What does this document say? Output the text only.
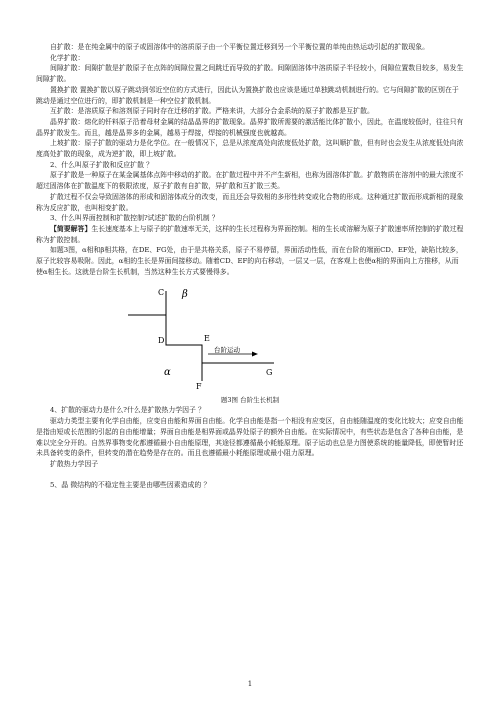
自扩散：是在纯金属中的原子或固溶体中的溶质原子由一个平衡位置迁移到另一个平衡位置的单纯由热运动引起的扩散现象。

化学扩散：

间隙扩散：间隙扩散是扩散原子在点阵的间隙位置之间跳迁而导致的扩散。间隙固溶体中溶质原子半径较小，间隙位置数目较多，易发生间隙扩散。

置换扩散 置换扩散以原子跳动到邻近空位的方式进行，因此认为置换扩散也应该是通过单独跳动机制进行的。它与间隙扩散的区别在于跳动是通过空位进行的，即扩散机制是一种空位扩散机制。

互扩散：是溶质原子和溶剂原子同时存在迁移的扩散。严格来讲，大部分合金系统的原子扩散都是互扩散。

晶界扩散：熔化的钎料原子沿着母材金属的结晶晶界的扩散现象。晶界扩散所需要的激活能比体扩散小，因此，在温度较低时，往往只有晶界扩散发生。而且，越是晶界多的金属，越易于焊接，焊接的机械强度也就越高。

上坡扩散：原子扩散的驱动力是化学位。在一般情况下，总是从浓度高处向浓度低处扩散，这叫顺扩散，但有时也会发生从浓度低处向浓度高处扩散的现象，成为逆扩散，即上坡扩散。

2、什么叫原子扩散和反应扩散 ？

原子扩散是一种原子在某金属基体点阵中移动的扩散。在扩散过程中并不产生新相，也称为固溶体扩散。扩散物质在溶剂中的最大浓度不超过固溶体在扩散温度下的极限浓度，原子扩散有自扩散，异扩散和互扩散三类。

扩散过程不仅会导致固溶体的形成和固溶体成分的改变，而且还会导致相的多形性转变或化合物的形成。这种通过扩散而形成新相的现象称为反应扩散，也叫相变扩散。

3、什么叫界面控制和扩散控制?试述扩散的台阶机制 ？

【简要解答】生长速度基本上与原子的扩散速率无关，这样的生长过程称为界面控制。相的生长或溶解为原子扩散速率所控制的扩散过程称为扩散控制。

如题3图，α相和β相共格，在DE、FG处，由于是共格关系，原子不易停留，界面活动性低，而在台阶的端面CD、EF处，缺陷比较多，原子比较容易吸附。因此，α相的生长是界面间接移动。随着CD、EF的向右移动，一层又一层，在客观上也使α相的界面向上方推移，从而使α相生长。这就是台阶生长机制，当然这种生长方式要慢得多。

C β
D	E
台阶运动
α
F
G
题3图 台阶生长机制

4、扩散的驱动力是什么?什么是扩散热力学因子 ？

驱动力类型主要有化学自由能，应变自由能和界面自由能。化学自由能是指一个相没有应变区，自由能随温度的变化比较大；应变自由能是指由短或长范围的引起的自由能增量；界面自由能是相界面或晶界处原子的额外自由能。在实际情况中，有些状态是包含了各种自由能，是难以完全分开的。自然界事物变化都遵循最小自由能原理，其途径都遵循最小耗能原理。原子运动也总是力图使系统的能量降低，即使暂时还未具备转变的条件，但转变的潜在趋势是存在的。而且也遵循最小耗能原理或最小阻力原理。

扩散热力学因子

5、晶 微结构的不稳定性主要是由哪些因素造成的 ？

1
